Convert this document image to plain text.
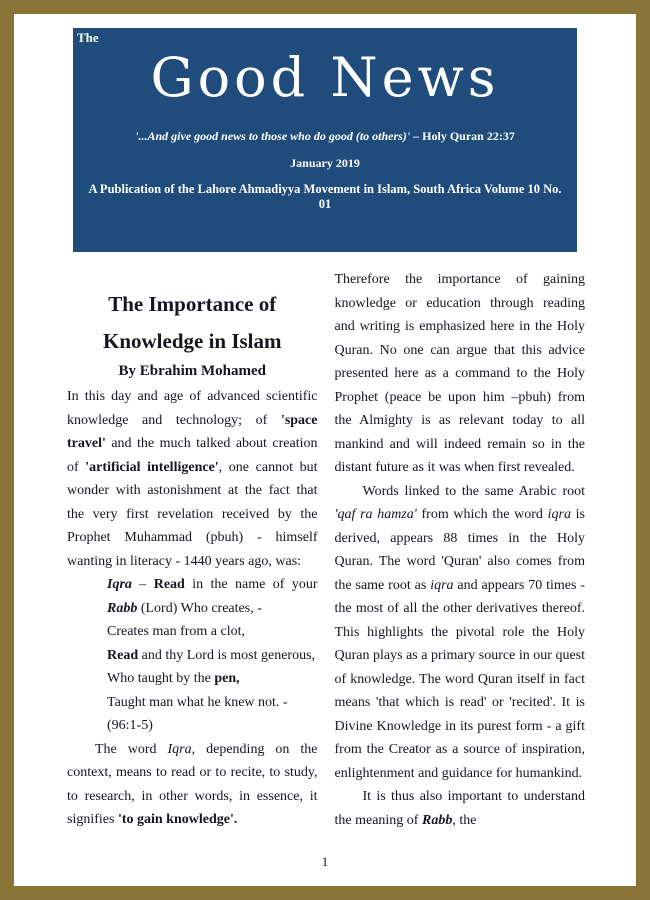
The
Good News

'...And give good news to those who do good (to others)' – Holy Quran 22:37

January 2019

A Publication of the Lahore Ahmadiyya Movement in Islam, South Africa Volume 10 No. 01

The Importance of
Knowledge in Islam
By Ebrahim Mohamed

In this day and age of advanced scientific knowledge and technology; of 'space travel' and the much talked about creation of 'artificial intelligence', one cannot but wonder with astonishment at the fact that the very first revelation received by the Prophet Muhammad (pbuh) - himself wanting in literacy - 1440 years ago, was:

Iqra – Read in the name of your Rabb (Lord) Who creates, -

Creates man from a clot,

Read and thy Lord is most generous,

Who taught by the pen,

Taught man what he knew not. -

(96:1-5)

The word Iqra, depending on the context, means to read or to recite, to study, to research, in other words, in essence, it signifies 'to gain knowledge'.

Therefore the importance of gaining knowledge or education through reading and writing is emphasized here in the Holy Quran. No one can argue that this advice presented here as a command to the Holy Prophet (peace be upon him –pbuh) from the Almighty is as relevant today to all mankind and will indeed remain so in the distant future as it was when first revealed.

Words linked to the same Arabic root 'qaf ra hamza' from which the word iqra is derived, appears 88 times in the Holy Quran. The word 'Quran' also comes from the same root as iqra and appears 70 times - the most of all the other derivatives thereof. This highlights the pivotal role the Holy Quran plays as a primary source in our quest of knowledge. The word Quran itself in fact means 'that which is read' or 'recited'. It is Divine Knowledge in its purest form - a gift from the Creator as a source of inspiration, enlightenment and guidance for humankind.

It is thus also important to understand the meaning of Rabb, the

1
